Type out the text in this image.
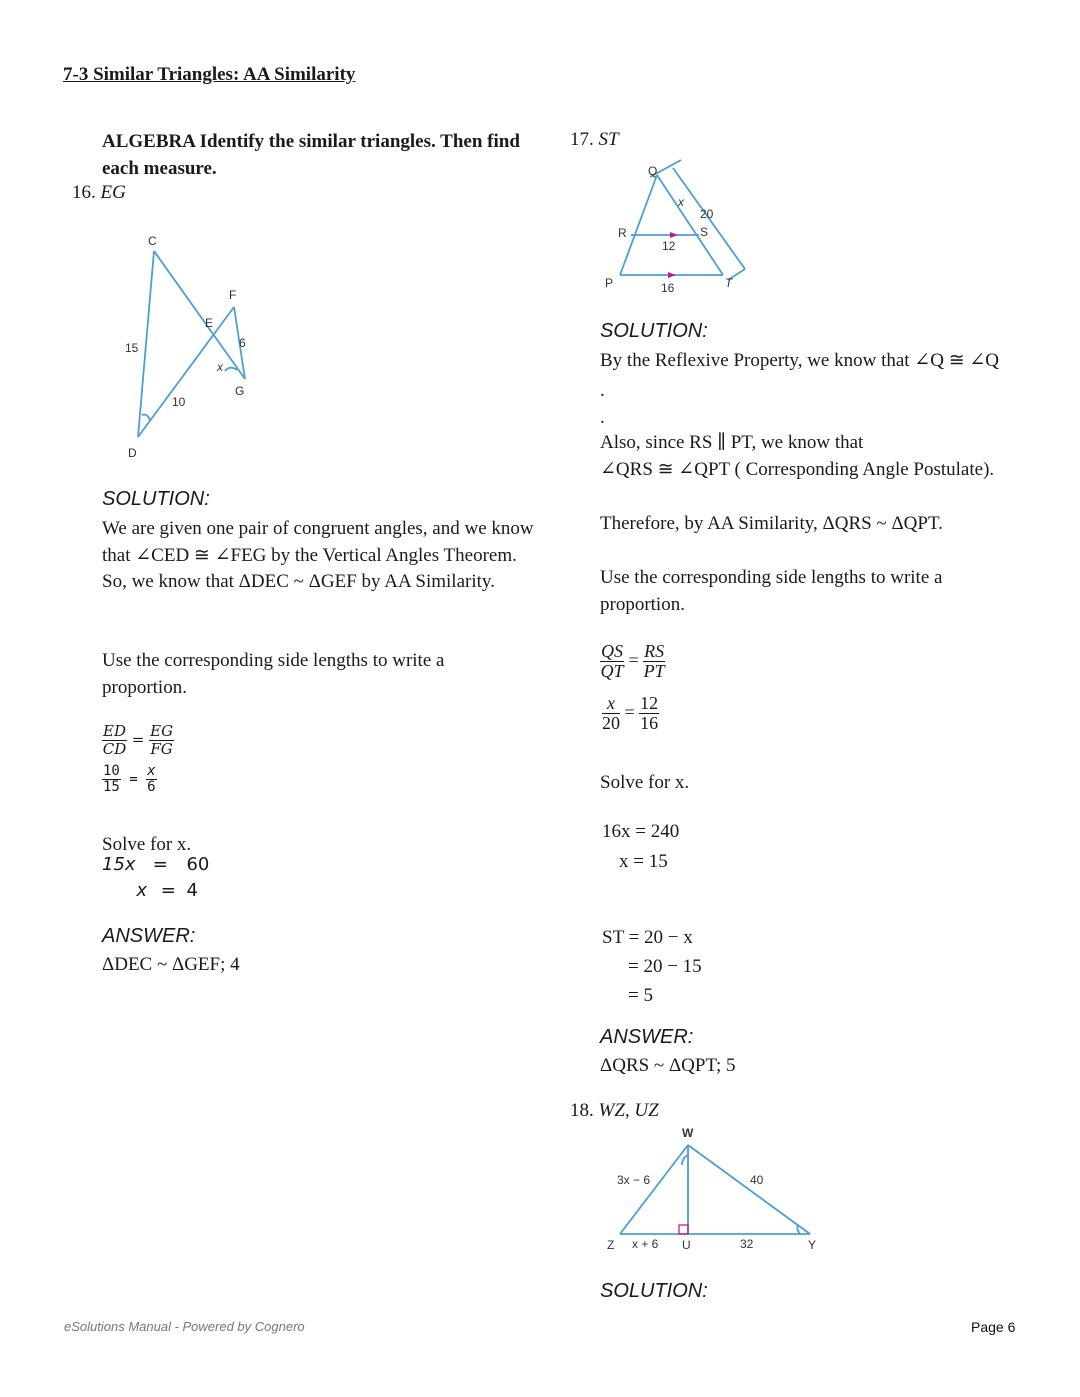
7-3 Similar Triangles: AA Similarity
ALGEBRA Identify the similar triangles. Then find each measure.
16. EG
C
F
E
D
G
x
15
10
6
SOLUTION:
We are given one pair of congruent angles, and we know that ∠CED ≅ ∠FEG by the Vertical Angles Theorem. So, we know that ΔDEC ~ ΔGEF by AA Similarity.
Use the corresponding side lengths to write a proportion.
$\frac{ED}{CD} = \frac{EG}{FG}$
$\frac{10}{15} = \frac{x}{6}$
Solve for x.
15x = 60
x = 4
ANSWER:
ΔDEC ~ ΔGEF; 4
17. ST
Q
R	S
P	T
x
20
12
16
SOLUTION:
By the Reflexive Property, we know that ∠Q ≅ ∠Q
.
.
Also, since RS ∥ PT, we know that
∠QRS ≅ ∠QPT ( Corresponding Angle Postulate).
Therefore, by AA Similarity, ΔQRS ~ ΔQPT.
Use the corresponding side lengths to write a proportion.
$\frac{QS}{QT} = \frac{RS}{PT}$
$\frac{x}{20} = \frac{12}{16}$
Solve for x.
16x = 240
x = 15
ST = 20 − x
= 20 − 15
= 5
ANSWER:
ΔQRS ~ ΔQPT; 5
18. WZ, UZ
W
Z	U	Y
3x − 6	40
x + 6	32
SOLUTION:
eSolutions Manual - Powered by Cognero	Page 6
